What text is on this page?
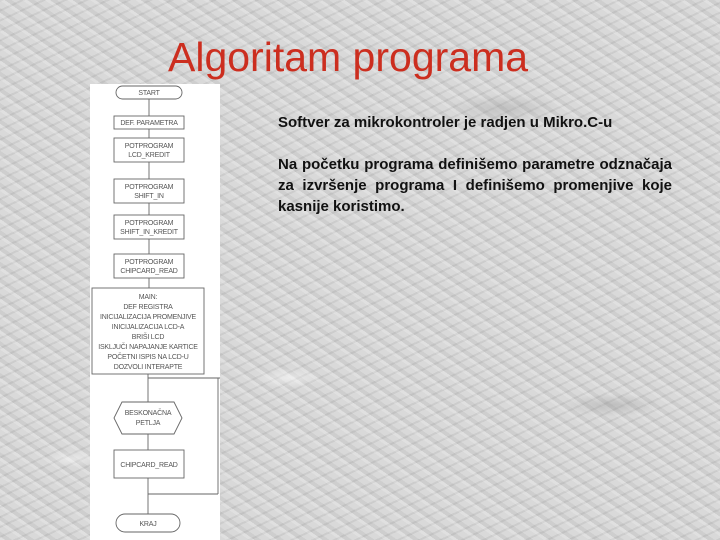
Algoritam programa
START
DEF. PARAMETRA
POTPROGRAM
LCD_KREDIT
POTPROGRAM
SHIFT_IN
POTPROGRAM
SHIFT_IN_KREDIT
POTPROGRAM
CHIPCARD_READ
MAIN:
DEF REGISTRA
INICIJALIZACIJA PROMENJIVE
INICIJALIZACIJA LCD-A
BRIŠI LCD
ISKLJUČI NAPAJANJE KARTICE
POČETNI ISPIS NA LCD-U
DOZVOLI INTERAPTE
BESKONAČNA
PETLJA
CHIPCARD_READ
KRAJ

Softver za mikrokontroler je radjen u Mikro.C-u

Na početku programa definišemo parametre odznačaja za izvršenje programa I definišemo promenjive koje kasnije koristimo.
